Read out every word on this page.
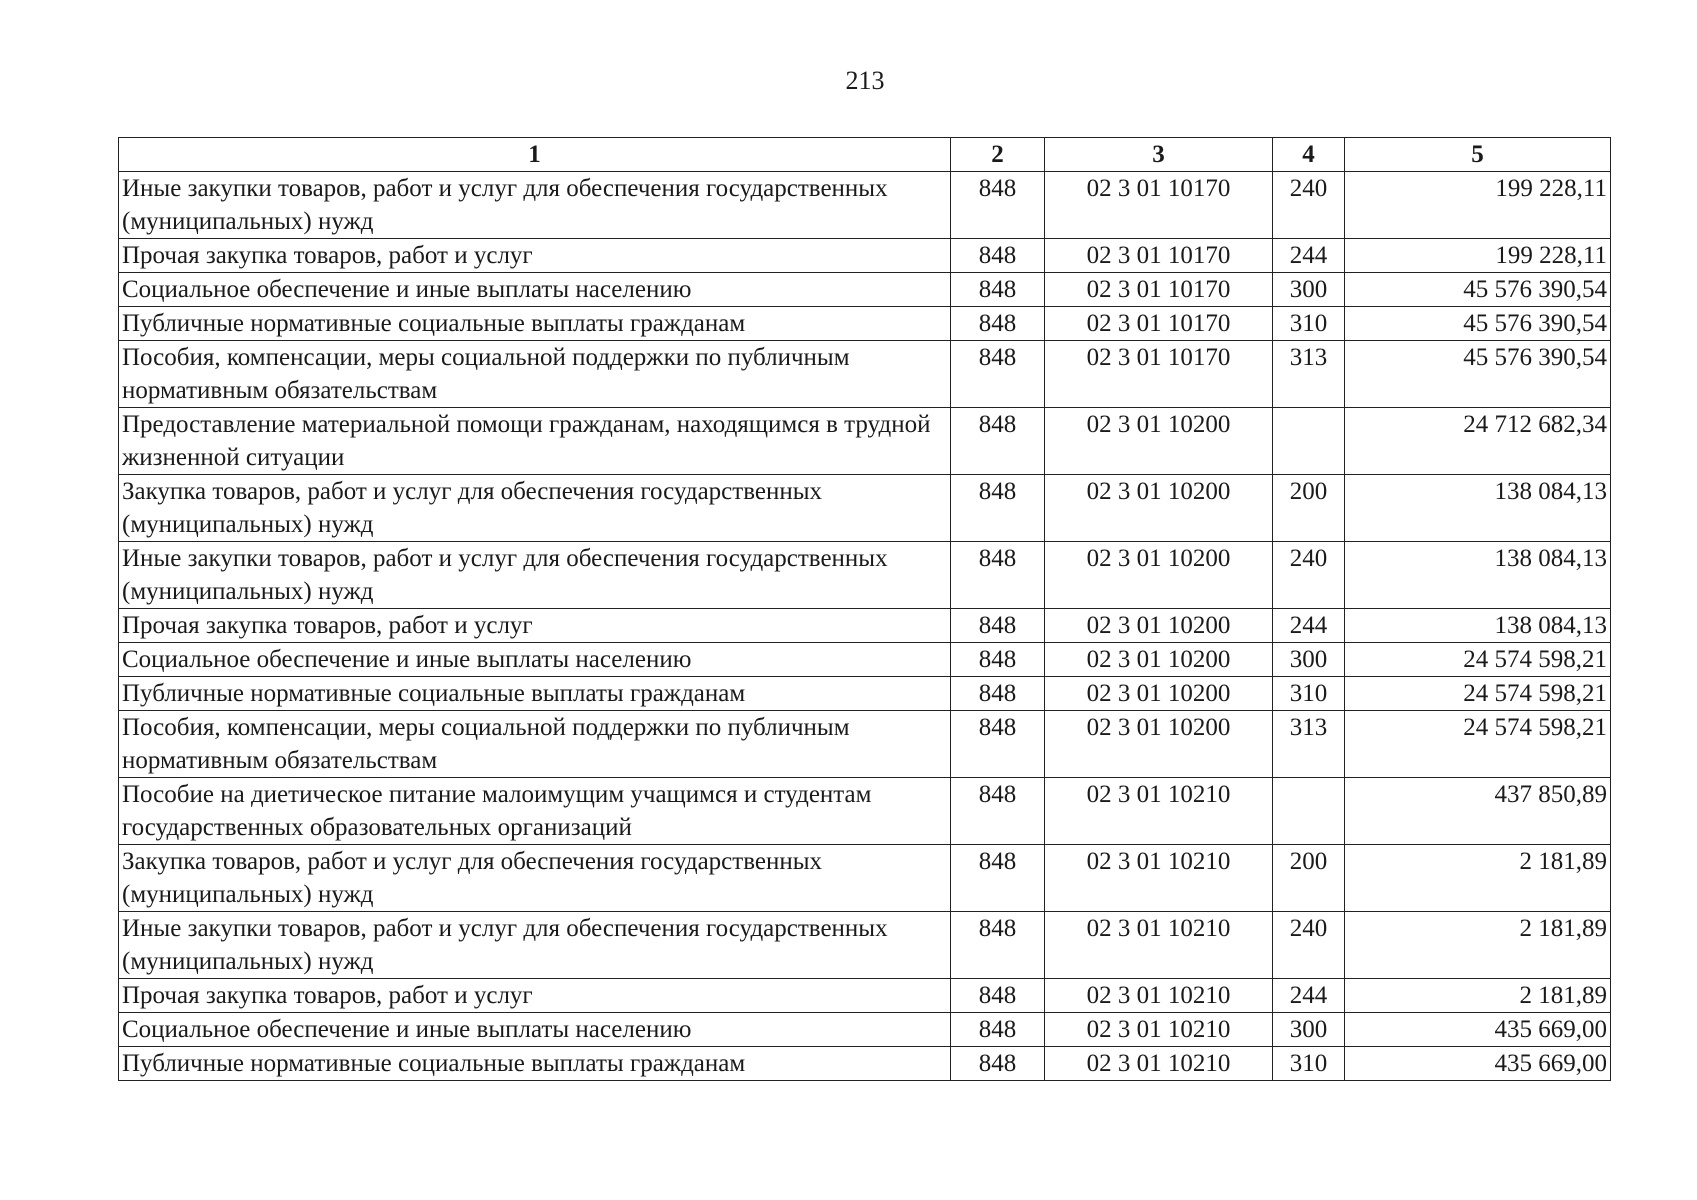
213
1	2	3	4	5
Иные закупки товаров, работ и услуг для обеспечения государственных (муниципальных) нужд	848	02 3 01 10170	240	199 228,11
Прочая закупка товаров, работ и услуг	848	02 3 01 10170	244	199 228,11
Социальное обеспечение и иные выплаты населению	848	02 3 01 10170	300	45 576 390,54
Публичные нормативные социальные выплаты гражданам	848	02 3 01 10170	310	45 576 390,54
Пособия, компенсации, меры социальной поддержки по публичным нормативным обязательствам	848	02 3 01 10170	313	45 576 390,54
Предоставление материальной помощи гражданам, находящимся в трудной жизненной ситуации	848	02 3 01 10200		24 712 682,34
Закупка товаров, работ и услуг для обеспечения государственных (муниципальных) нужд	848	02 3 01 10200	200	138 084,13
Иные закупки товаров, работ и услуг для обеспечения государственных (муниципальных) нужд	848	02 3 01 10200	240	138 084,13
Прочая закупка товаров, работ и услуг	848	02 3 01 10200	244	138 084,13
Социальное обеспечение и иные выплаты населению	848	02 3 01 10200	300	24 574 598,21
Публичные нормативные социальные выплаты гражданам	848	02 3 01 10200	310	24 574 598,21
Пособия, компенсации, меры социальной поддержки по публичным нормативным обязательствам	848	02 3 01 10200	313	24 574 598,21
Пособие на диетическое питание малоимущим учащимся и студентам государственных образовательных организаций	848	02 3 01 10210		437 850,89
Закупка товаров, работ и услуг для обеспечения государственных (муниципальных) нужд	848	02 3 01 10210	200	2 181,89
Иные закупки товаров, работ и услуг для обеспечения государственных (муниципальных) нужд	848	02 3 01 10210	240	2 181,89
Прочая закупка товаров, работ и услуг	848	02 3 01 10210	244	2 181,89
Социальное обеспечение и иные выплаты населению	848	02 3 01 10210	300	435 669,00
Публичные нормативные социальные выплаты гражданам	848	02 3 01 10210	310	435 669,00
